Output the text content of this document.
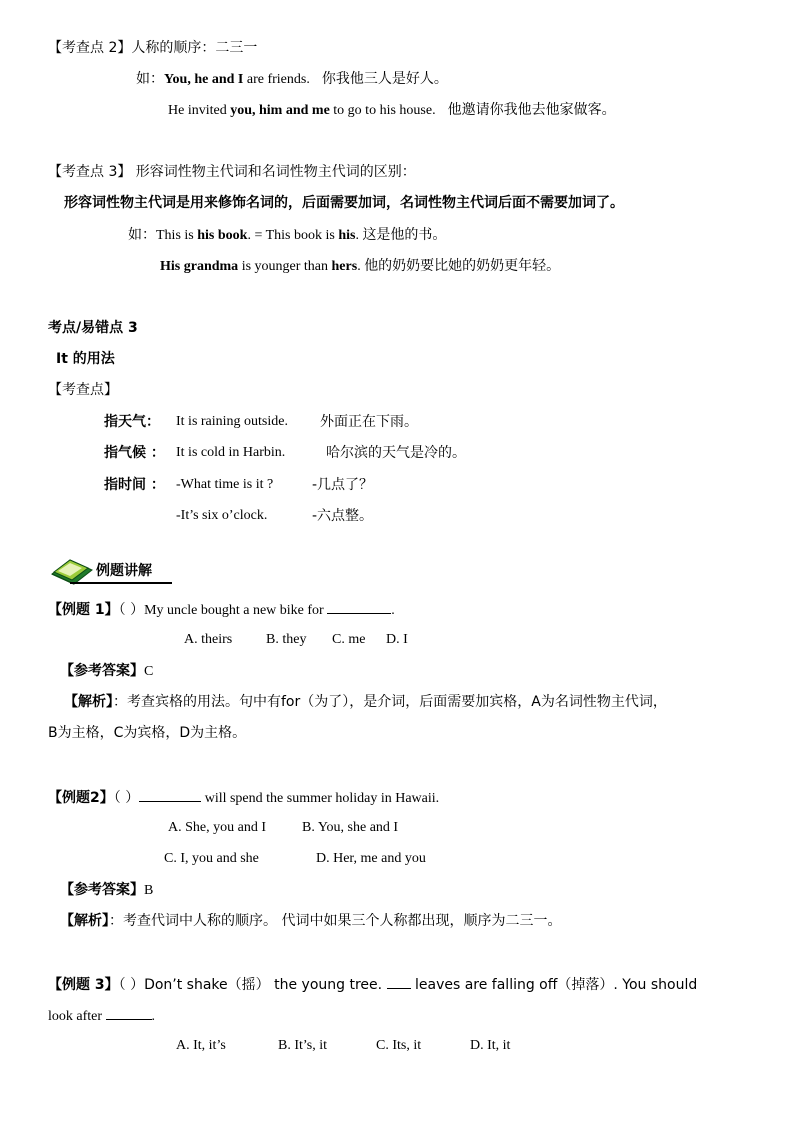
【考查点 2】人称的顺序：二三一
如：You, he and I are friends. 你我他三人是好人。
He invited you, him and me to go to his house. 他邀请你我他去他家做客。
【考查点 3】 形容词性物主代词和名词性物主代词的区别：
形容词性物主代词是用来修饰名词的，后面需要加词，名词性物主代词后面不需要加词了。
如：This is his book. = This book is his. 这是他的书。
His grandma is younger than hers. 他的奶奶要比她的奶奶更年轻。
考点/易错点 3
It 的用法
【考查点】
指天气： It is raining outside. 外面正在下雨。
指气候 ： It is cold in Harbin.	哈尔滨的天气是冷的。
指时间 ： -What time is it ?	-几点了？
-It’s six o’clock.	-六点整。
例题讲解
【例题 1】（ ）My uncle bought a new bike for	.
A. theirs B. they C. me D. I
【参考答案】C
【解析】：考查宾格的用法。句中有for（为了），是介词，后面需要加宾格，A为名词性物主代词，
B为主格，C为宾格，D为主格。
【例题2】（ ）	will spend the summer holiday in Hawaii.
A. She, you and I	B. You, she and I
C. I, you and she	D. Her, me and you
【参考答案】B
【解析】：考查代词中人称的顺序。 代词中如果三个人称都出现，顺序为二三一。
【例题 3】（ ）Don’t shake（摇） the young tree.  leaves are falling off（掉落）. You should
look after	.
A. It, it’s	B. It’s, it	C. Its, it	D. It, it
